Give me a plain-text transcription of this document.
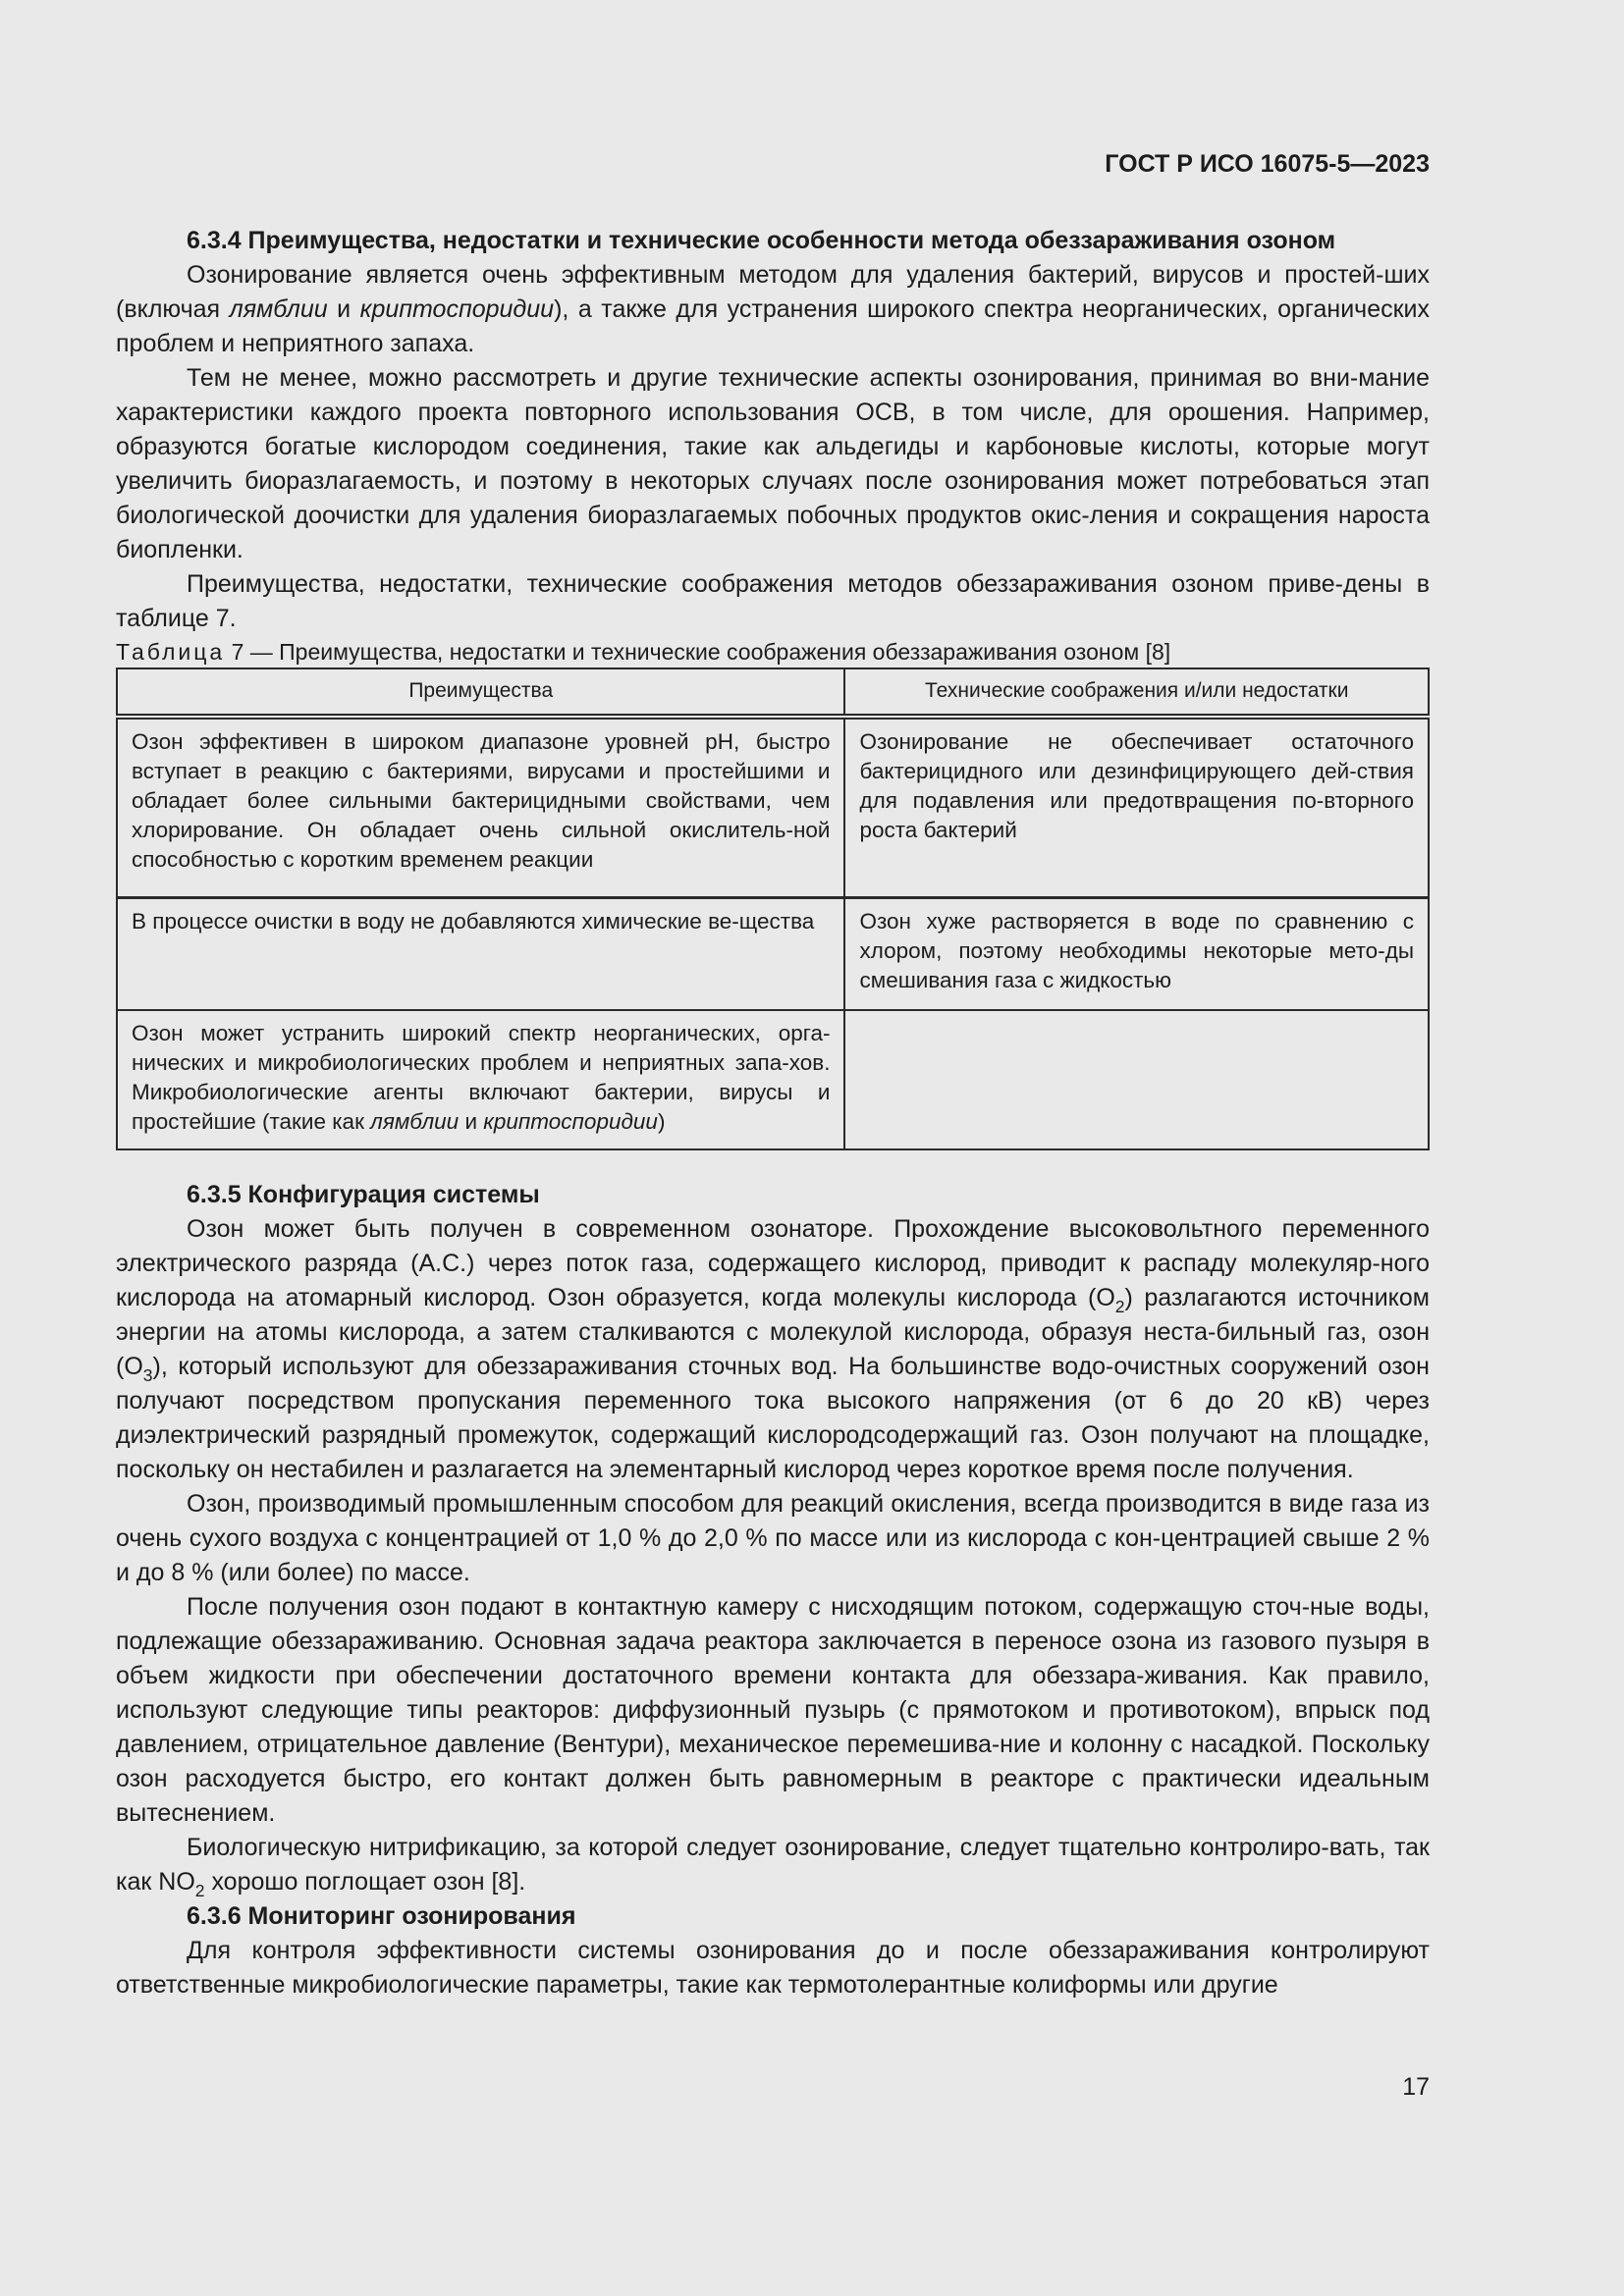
ГОСТ Р ИСО 16075-5—2023

6.3.4 Преимущества, недостатки и технические особенности метода обеззараживания озоном

Озонирование является очень эффективным методом для удаления бактерий, вирусов и простей-ших (включая лямблии и криптоспоридии), а также для устранения широкого спектра неорганических, органических проблем и неприятного запаха.

Тем не менее, можно рассмотреть и другие технические аспекты озонирования, принимая во вни-мание характеристики каждого проекта повторного использования ОСВ, в том числе, для орошения. Например, образуются богатые кислородом соединения, такие как альдегиды и карбоновые кислоты, которые могут увеличить биоразлагаемость, и поэтому в некоторых случаях после озонирования может потребоваться этап биологической доочистки для удаления биоразлагаемых побочных продуктов окис-ления и сокращения нароста биопленки.

Преимущества, недостатки, технические соображения методов обеззараживания озоном приве-дены в таблице 7.

Таблица 7 — Преимущества, недостатки и технические соображения обеззараживания озоном [8]

Преимущества	Технические соображения и/или недостатки
Озон эффективен в широком диапазоне уровней pH, быстро вступает в реакцию с бактериями, вирусами и простейшими и обладает более сильными бактерицидными свойствами, чем хлорирование. Он обладает очень сильной окислитель-ной способностью с коротким временем реакции	Озонирование не обеспечивает остаточного бактерицидного или дезинфицирующего дей-ствия для подавления или предотвращения по-вторного роста бактерий
В процессе очистки в воду не добавляются химические ве-щества	Озон хуже растворяется в воде по сравнению с хлором, поэтому необходимы некоторые мето-ды смешивания газа с жидкостью
Озон может устранить широкий спектр неорганических, орга-нических и микробиологических проблем и неприятных запа-хов. Микробиологические агенты включают бактерии, вирусы и простейшие (такие как лямблии и криптоспоридии)	

6.3.5 Конфигурация системы

Озон может быть получен в современном озонаторе. Прохождение высоковольтного переменного электрического разряда (А.С.) через поток газа, содержащего кислород, приводит к распаду молекуляр-ного кислорода на атомарный кислород. Озон образуется, когда молекулы кислорода $(O_2)$ разлагаются источником энергии на атомы кислорода, а затем сталкиваются с молекулой кислорода, образуя неста-бильный газ, озон $(O_3)$, который используют для обеззараживания сточных вод. На большинстве водо-очистных сооружений озон получают посредством пропускания переменного тока высокого напряжения (от 6 до 20 кВ) через диэлектрический разрядный промежуток, содержащий кислородсодержащий газ. Озон получают на площадке, поскольку он нестабилен и разлагается на элементарный кислород через короткое время после получения.

Озон, производимый промышленным способом для реакций окисления, всегда производится в виде газа из очень сухого воздуха с концентрацией от 1,0 % до 2,0 % по массе или из кислорода с кон-центрацией свыше 2 % и до 8 % (или более) по массе.

После получения озон подают в контактную камеру с нисходящим потоком, содержащую сточ-ные воды, подлежащие обеззараживанию. Основная задача реактора заключается в переносе озона из газового пузыря в объем жидкости при обеспечении достаточного времени контакта для обеззара-живания. Как правило, используют следующие типы реакторов: диффузионный пузырь (с прямотоком и противотоком), впрыск под давлением, отрицательное давление (Вентури), механическое перемешива-ние и колонну с насадкой. Поскольку озон расходуется быстро, его контакт должен быть равномерным в реакторе с практически идеальным вытеснением.

Биологическую нитрификацию, за которой следует озонирование, следует тщательно контролиро-вать, так как $NO_2$ хорошо поглощает озон [8].

6.3.6 Мониторинг озонирования

Для контроля эффективности системы озонирования до и после обеззараживания контролируют ответственные микробиологические параметры, такие как термотолерантные колиформы или другие

17
